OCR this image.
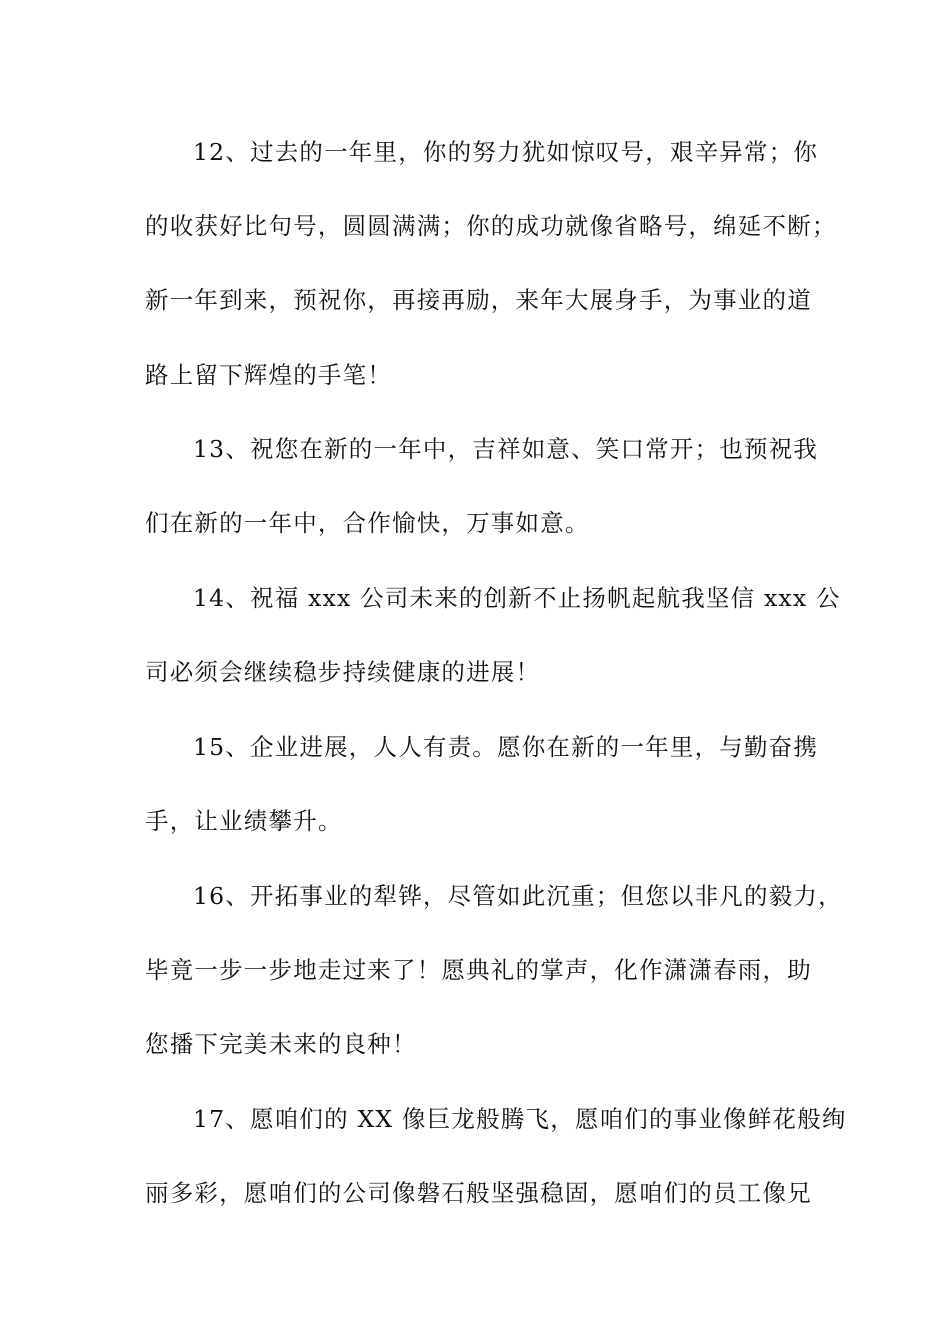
12、过去的一年里，你的努力犹如惊叹号，艰辛异常；你
的收获好比句号，圆圆满满；你的成功就像省略号，绵延不断；
新一年到来，预祝你，再接再励，来年大展身手，为事业的道
路上留下辉煌的手笔！
13、祝您在新的一年中，吉祥如意、笑口常开；也预祝我
们在新的一年中，合作愉快，万事如意。
14、祝福 xxx 公司未来的创新不止扬帆起航我坚信 xxx 公
司必须会继续稳步持续健康的进展！
15、企业进展，人人有责。愿你在新的一年里，与勤奋携
手，让业绩攀升。
16、开拓事业的犁铧，尽管如此沉重；但您以非凡的毅力，
毕竟一步一步地走过来了！愿典礼的掌声，化作潇潇春雨，助
您播下完美未来的良种！
17、愿咱们的 XX 像巨龙般腾飞，愿咱们的事业像鲜花般绚
丽多彩，愿咱们的公司像磐石般坚强稳固，愿咱们的员工像兄
